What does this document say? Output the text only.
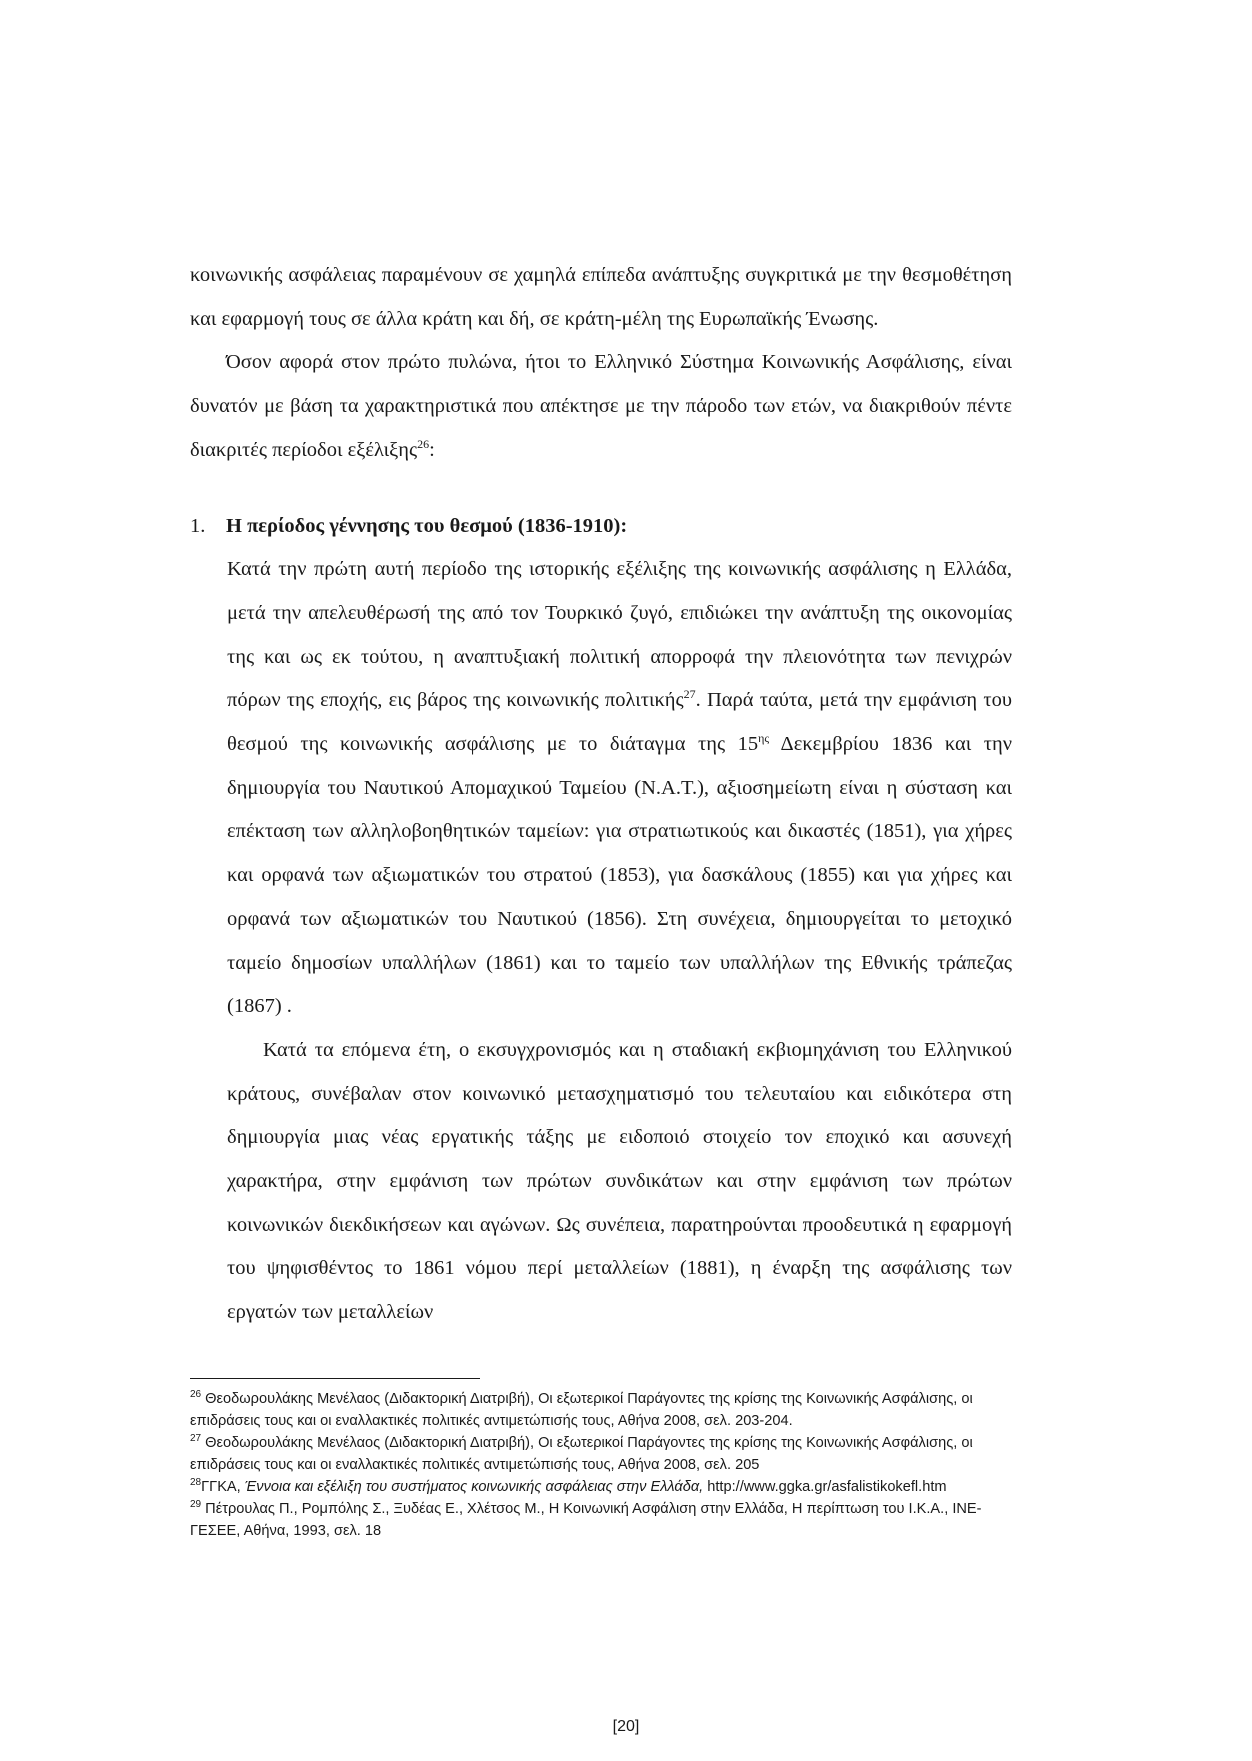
κοινωνικής ασφάλειας παραμένουν σε χαμηλά επίπεδα ανάπτυξης συγκριτικά με την θεσμοθέτηση και εφαρμογή τους σε άλλα κράτη και δή, σε κράτη-μέλη της Ευρωπαϊκής Ένωσης.

Όσον αφορά στον πρώτο πυλώνα, ήτοι το Ελληνικό Σύστημα Κοινωνικής Ασφάλισης, είναι δυνατόν με βάση τα χαρακτηριστικά που απέκτησε με την πάροδο των ετών, να διακριθούν πέντε διακριτές περίοδοι εξέλιξης$^{26}$:

1. Η περίοδος γέννησης του θεσμού (1836-1910):

Κατά την πρώτη αυτή περίοδο της ιστορικής εξέλιξης της κοινωνικής ασφάλισης η Ελλάδα, μετά την απελευθέρωσή της από τον Τουρκικό ζυγό, επιδιώκει την ανάπτυξη της οικονομίας της και ως εκ τούτου, η αναπτυξιακή πολιτική απορροφά την πλειονότητα των πενιχρών πόρων της εποχής, εις βάρος της κοινωνικής πολιτικής$^{27}$. Παρά ταύτα, μετά την εμφάνιση του θεσμού της κοινωνικής ασφάλισης με το διάταγμα της $15^{\eta\varsigma}$ Δεκεμβρίου 1836 και την δημιουργία του Ναυτικού Απομαχικού Ταμείου (Ν.Α.Τ.), αξιοσημείωτη είναι η σύσταση και επέκταση των αλληλοβοηθητικών ταμείων: για στρατιωτικούς και δικαστές (1851), για χήρες και ορφανά των αξιωματικών του στρατού (1853), για δασκάλους (1855) και για χήρες και ορφανά των αξιωματικών του Ναυτικού (1856). Στη συνέχεια, δημιουργείται το μετοχικό ταμείο δημοσίων υπαλλήλων (1861) και το ταμείο των υπαλλήλων της Εθνικής τράπεζας (1867) .

Κατά τα επόμενα έτη, ο εκσυγχρονισμός και η σταδιακή εκβιομηχάνιση του Ελληνικού κράτους, συνέβαλαν στον κοινωνικό μετασχηματισμό του τελευταίου και ειδικότερα στη δημιουργία μιας νέας εργατικής τάξης με ειδοποιό στοιχείο τον εποχικό και ασυνεχή χαρακτήρα, στην εμφάνιση των πρώτων συνδικάτων και στην εμφάνιση των πρώτων κοινωνικών διεκδικήσεων και αγώνων. Ως συνέπεια, παρατηρούνται προοδευτικά η εφαρμογή του ψηφισθέντος το 1861 νόμου περί μεταλλείων (1881), η έναρξη της ασφάλισης των εργατών των μεταλλείων

$^{26}$ Θεοδωρουλάκης Μενέλαος (Διδακτορική Διατριβή), Οι εξωτερικοί Παράγοντες της κρίσης της Κοινωνικής Ασφάλισης, οι επιδράσεις τους και οι εναλλακτικές πολιτικές αντιμετώπισής τους, Αθήνα 2008, σελ. 203-204.

$^{27}$ Θεοδωρουλάκης Μενέλαος (Διδακτορική Διατριβή), Οι εξωτερικοί Παράγοντες της κρίσης της Κοινωνικής Ασφάλισης, οι επιδράσεις τους και οι εναλλακτικές πολιτικές αντιμετώπισής τους, Αθήνα 2008, σελ. 205

$^{28}$ΓΓΚΑ, Έννοια και εξέλιξη του συστήματος κοινωνικής ασφάλειας στην Ελλάδα, http://www.ggka.gr/asfalistikokefl.htm

$^{29}$ Πέτρουλας Π., Ρομπόλης Σ., Ξυδέας Ε., Χλέτσος Μ., Η Κοινωνική Ασφάλιση στην Ελλάδα, Η περίπτωση του Ι.Κ.Α., ΙΝΕ-ΓΕΣΕΕ, Αθήνα, 1993, σελ. 18

[20]
